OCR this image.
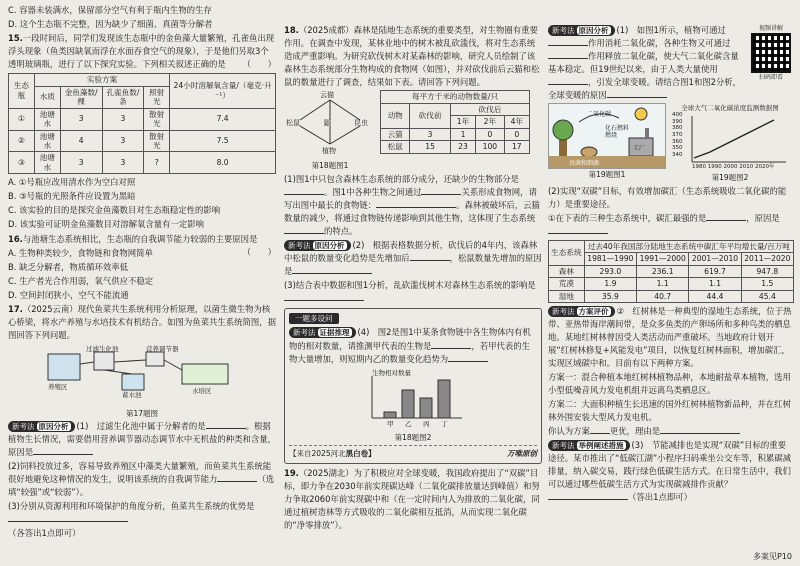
C. 容器未装满水，保留部分空气有利于瓶内生物的生存

D. 这个生态瓶不完整，因为缺少了细菌、真菌等分解者

15.一段时间后，同学们发现该生态瓶中的金鱼藻大量繁殖，孔雀鱼出现浮头现象（鱼类因缺氧而浮在水面吞食空气的现象），于是他们另取3个透明玻璃瓶，进行了以下探究实验。下列相关叙述正确的是 （　　）

生态瓶	实验方案				24小时溶解氧含量/（毫克·升⁻¹）
	水质	金鱼藻数/棵	孔雀鱼数/条	照射光	
①	池塘水	3	3	散射光	7.4
②	池塘水	4	3	散射光	7.5
③	池塘水	3	3	?	8.0

A. ①号瓶应改用清水作为空白对照

B. ③号瓶的光照条件应设置为黑暗

C. 该实验的目的是探究金鱼藻数目对生态瓶稳定性的影响

D. 该实验可证明金鱼藻数目对溶解氧含量有一定影响

16.与池塘生态系统相比，生态瓶的自我调节能力较弱的主要原因是
（　　）

A. 生物种类较少，食物链和食物网简单

B. 缺乏分解者，物质循环效率低

C. 生产者光合作用弱，氧气供应不稳定

D. 空间封闭狭小，空气不能流通

17.（2025云南）现代鱼菜共生系统利用分析原理，以菌生微生物为核心桥梁，将水产养殖与水培技术有机结合。如图为鱼菜共生系统简图，据图回答下列问题。

过滤生化池	营养调节器
养殖区
蓄水池	水培区

第17题图

新考法 原因分析 (1)　过滤生化池中属于分解者的是	。根据植物生长情况，需要借用营养调节器动态调节水中无机盐的种类和含量，原因是

(2)饲料投放过多，容易导致养殖区中藻类大量繁殖，而鱼菜共生系统能很好地避免这种情况的发生，说明该系统的自我调节能力	（选填“较强”或“较弱”）。

(3)分别从资源利用和环境保护的角度分析，鱼菜共生系统的优势是

（各答出1点即可）

18.（2025成都）森林是陆地生态系统的重要类型，对生物圈有重要作用。在调查中发现，某林业地中的树木被乱砍滥伐，将对生态系统造成严重影响。为研究砍伐树木对某森林的影响，研究人员绘制了该森林生态系统部分生物构成的食物网（如图），并对砍伐前后云猫和松鼠的数量进行了调查，结果如下表。请回答下列问题。

云猫
松鼠	鼬	昆虫
植物
每平方千米的动物数量/只				
动物	砍伐前	砍伐后		
		1年	2年	4年
云猫	3	1	0	0
松鼠	15	23	100	17

第18题图1

(1)图1中只包含森林生态系统的部分成分，还缺少的生物部分是。图1中各种生物之间通过	关系形成食物网，请写出图中最长的食物链：	。森林被破坏后，云猫数量的减少，将通过食物链传递影响到其他生物，这体现了生态系统的特点。

新考法 原因分析 (2)　根据表格数据分析，砍伐后的4年内，该森林中松鼠的数量变化趋势是先增加后	，松鼠数量先增加的原因是

(3)结合表中数据和图1分析，乱砍滥伐树木对森林生态系统的影响是

一题多设问

新考法 证据推理 (4)　图2是图1中某条食物链中各生物体内有机物的相对数量，请推测甲代表的生物是	，若甲代表的生物大量增加，则短期内乙的数量变化趋势为

生物相对数量
甲 乙 丙 丁

第18题图2

【来自2025河北黑白卷】	万唯原创

19.（2025湖北）为了积极应对全球变暖，我国政府提出了“双碳”目标，即力争在2030年前实现碳达峰（二氧化碳排放量达到峰值）和努力争取2060年前实现碳中和（在一定时间内人为排放的二氧化碳，同通过植树造林等方式吸收的二氧化碳相互抵消，从而实现二氧化碳的“净零排放”）。

视频讲解
扫码即看

新考法 原因分析 (1)　如图1所示，植物可通过作用消耗二氧化碳，各种生物又可通过作用释放二氧化碳，使大气二氧化碳含量基本稳定。但19世纪以来，由于人类大量使用，引发全球变暖。请结合图1和图2分析，全球变暖的原因

二氧化碳
化石燃料燃烧
工厂
真菌和细菌

第19题图1

全球大气二氧化碳浓度监测数据图

400
390
380
370
360
350
340
1980 1990 2000 2010 2020年

第19题图2

(2)实现“双碳”目标，有效增加碳汇（生态系统吸收二氧化碳的能力）是重要途径。

①在下表的三种生态系统中，碳汇最强的是	，原因是

生态系统	过去40年我国部分陆地生态系统中碳汇年平均增长量/百万吨			
	1981—1990	1991—2000	2001—2010	2011—2020
森林	293.0	236.1	619.7	947.8
荒漠	1.9	1.1	1.1	1.5
湿地	35.9	40.7	44.4	45.4

新考法 方案评价 ②　红树林是一种典型的湿地生态系统，位于热带、亚热带海岸潮间带，是众多鱼类的产卵场所和多种鸟类的栖息地。某地红树林曾因受人类活动而严重破坏。当地政府计划开展“红树林修复+风能发电”项目，以恢复红树林面积，增加碳汇，实现区域碳中和。目前有以下两种方案。

方案一：混合种植本地红树林植物品种，本地耐盐草本植物，选用小型低噪音风力发电机组并远离鸟类栖息区。

方案二：大面积种植生长迅速的国外红树林植物新品种，并在红树林外围安装大型风力发电机。

你认为方案 更优，理由是

新考法 举例阐述措施 (3)　节能减排也是实现“双碳”目标的重要途径。某市推出了“低碳江湖”小程序扫码乘坐公交车等，积累碳减排量，纳入碳交易，践行绿色低碳生活方式。在日常生活中，我们可以通过哪些低碳生活方式为实现碳减排作贡献？（答出1点即可）

多案见P10
